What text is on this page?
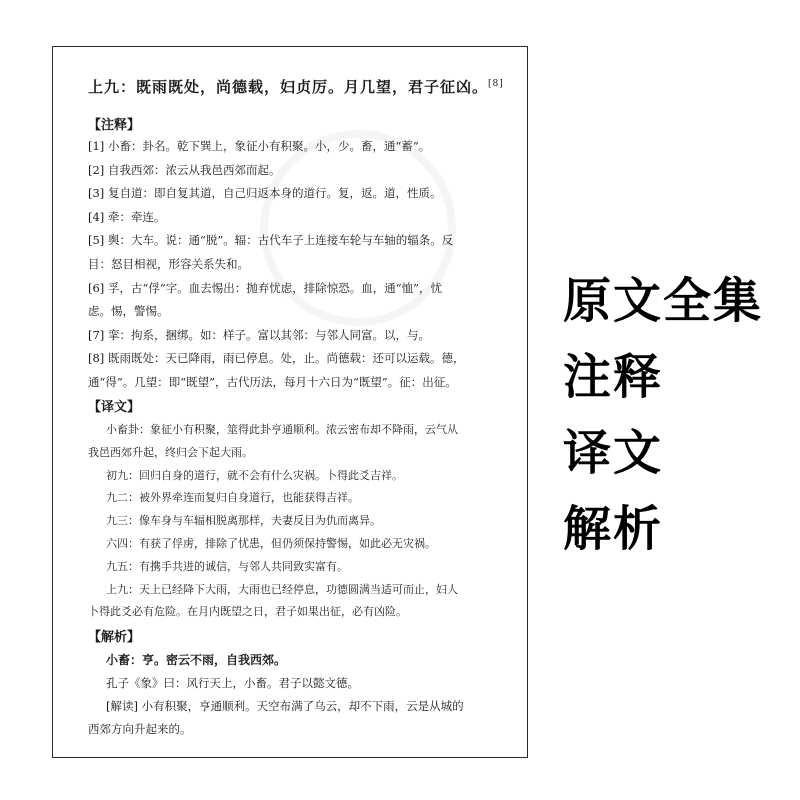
上九：既雨既处，尚德载，妇贞厉。月几望，君子征凶。[8]
【注释】
[1] 小畜：卦名。乾下巽上，象征小有积聚。小，少。畜，通“蓄”。
[2] 自我西郊：浓云从我邑西郊而起。
[3] 复自道：即自复其道，自己归返本身的道行。复，返。道，性质。
[4] 牵：牵连。
[5] 舆：大车。说：通“脱”。辐：古代车子上连接车轮与车轴的辐条。反
目：怒目相视，形容关系失和。
[6] 孚，古“俘”字。血去惕出：抛弃忧虑，排除惊恐。血，通“恤”，忧
虑。惕，警惕。
[7] 挛：拘系，捆绑。如：样子。富以其邻：与邻人同富。以，与。
[8] 既雨既处：天已降雨，雨已停息。处，止。尚德载：还可以运载。德，
通“得”。几望：即“既望”，古代历法，每月十六日为“既望”。征：出征。
【译文】
小畜卦：象征小有积聚，筮得此卦亨通顺利。浓云密布却不降雨，云气从
我邑西郊升起，终归会下起大雨。
初九：回归自身的道行，就不会有什么灾祸。卜得此爻吉祥。
九二：被外界牵连而复归自身道行，也能获得吉祥。
九三：像车身与车辐相脱离那样，夫妻反目为仇而离异。
六四：有获了俘虏，排除了忧患，但仍须保持警惕，如此必无灾祸。
九五：有携手共进的诚信，与邻人共同致实富有。
上九：天上已经降下大雨，大雨也已经停息，功德圆满当适可而止，妇人
卜得此爻必有危险。在月内既望之日，君子如果出征，必有凶险。
【解析】
小畜：亨。密云不雨，自我西郊。
孔子《象》曰：风行天上，小畜。君子以懿文德。
[解读] 小有积聚，亨通顺利。天空布满了乌云，却不下雨，云是从城的
西郊方向升起来的。
原文全集
注释
译文
解析
